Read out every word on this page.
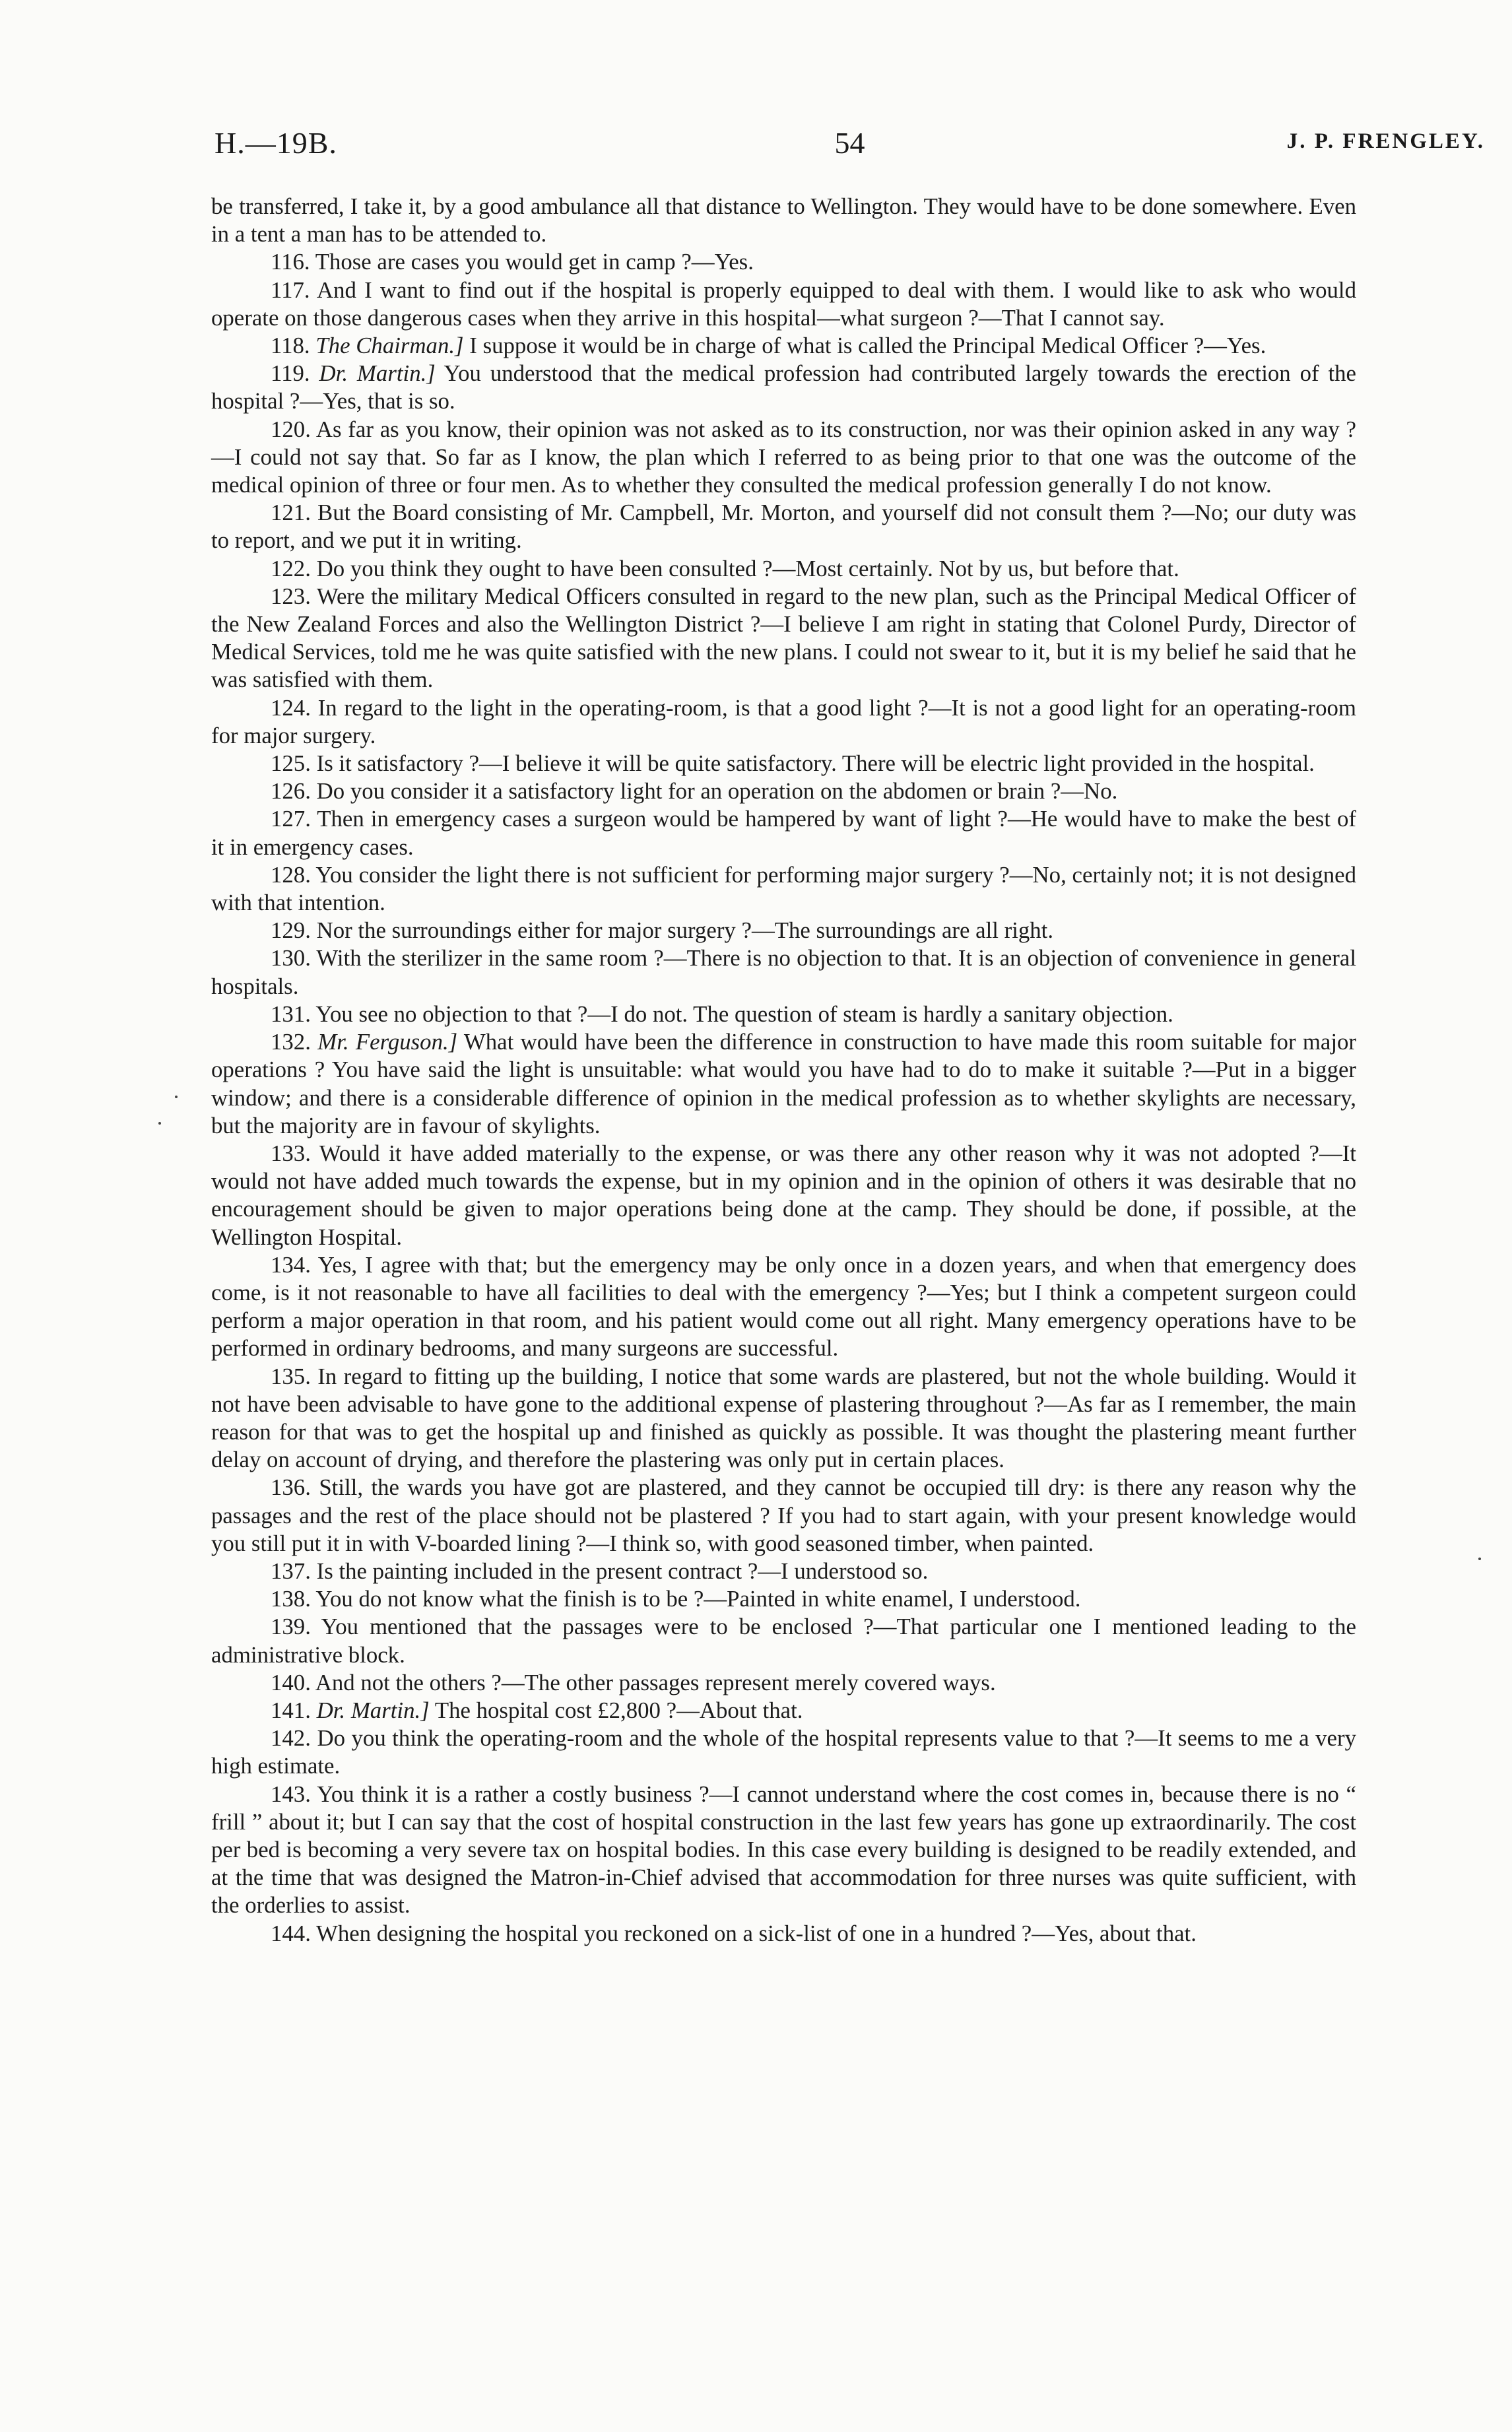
H.—19B.	54	J. P. FRENGLEY.

be transferred, I take it, by a good ambulance all that distance to Wellington. They would have to be done somewhere. Even in a tent a man has to be attended to.

116. Those are cases you would get in camp ?—Yes.

117. And I want to find out if the hospital is properly equipped to deal with them. I would like to ask who would operate on those dangerous cases when they arrive in this hospital—what surgeon ?—That I cannot say.

118. The Chairman.] I suppose it would be in charge of what is called the Principal Medical Officer ?—Yes.

119. Dr. Martin.] You understood that the medical profession had contributed largely towards the erection of the hospital ?—Yes, that is so.

120. As far as you know, their opinion was not asked as to its construction, nor was their opinion asked in any way ?—I could not say that. So far as I know, the plan which I referred to as being prior to that one was the outcome of the medical opinion of three or four men. As to whether they consulted the medical profession generally I do not know.

121. But the Board consisting of Mr. Campbell, Mr. Morton, and yourself did not consult them ?—No; our duty was to report, and we put it in writing.

122. Do you think they ought to have been consulted ?—Most certainly. Not by us, but before that.

123. Were the military Medical Officers consulted in regard to the new plan, such as the Principal Medical Officer of the New Zealand Forces and also the Wellington District ?—I believe I am right in stating that Colonel Purdy, Director of Medical Services, told me he was quite satisfied with the new plans. I could not swear to it, but it is my belief he said that he was satisfied with them.

124. In regard to the light in the operating-room, is that a good light ?—It is not a good light for an operating-room for major surgery.

125. Is it satisfactory ?—I believe it will be quite satisfactory. There will be electric light provided in the hospital.

126. Do you consider it a satisfactory light for an operation on the abdomen or brain ?—No.

127. Then in emergency cases a surgeon would be hampered by want of light ?—He would have to make the best of it in emergency cases.

128. You consider the light there is not sufficient for performing major surgery ?—No, certainly not; it is not designed with that intention.

129. Nor the surroundings either for major surgery ?—The surroundings are all right.

130. With the sterilizer in the same room ?—There is no objection to that. It is an objection of convenience in general hospitals.

131. You see no objection to that ?—I do not. The question of steam is hardly a sanitary objection.

132. Mr. Ferguson.] What would have been the difference in construction to have made this room suitable for major operations ? You have said the light is unsuitable: what would you have had to do to make it suitable ?—Put in a bigger window; and there is a considerable difference of opinion in the medical profession as to whether skylights are necessary, but the majority are in favour of skylights.

133. Would it have added materially to the expense, or was there any other reason why it was not adopted ?—It would not have added much towards the expense, but in my opinion and in the opinion of others it was desirable that no encouragement should be given to major operations being done at the camp. They should be done, if possible, at the Wellington Hospital.

134. Yes, I agree with that; but the emergency may be only once in a dozen years, and when that emergency does come, is it not reasonable to have all facilities to deal with the emergency ?—Yes; but I think a competent surgeon could perform a major operation in that room, and his patient would come out all right. Many emergency operations have to be performed in ordinary bedrooms, and many surgeons are successful.

135. In regard to fitting up the building, I notice that some wards are plastered, but not the whole building. Would it not have been advisable to have gone to the additional expense of plastering throughout ?—As far as I remember, the main reason for that was to get the hospital up and finished as quickly as possible. It was thought the plastering meant further delay on account of drying, and therefore the plastering was only put in certain places.

136. Still, the wards you have got are plastered, and they cannot be occupied till dry: is there any reason why the passages and the rest of the place should not be plastered ? If you had to start again, with your present knowledge would you still put it in with V-boarded lining ?—I think so, with good seasoned timber, when painted.

137. Is the painting included in the present contract ?—I understood so.

138. You do not know what the finish is to be ?—Painted in white enamel, I understood.

139. You mentioned that the passages were to be enclosed ?—That particular one I mentioned leading to the administrative block.

140. And not the others ?—The other passages represent merely covered ways.

141. Dr. Martin.] The hospital cost £2,800 ?—About that.

142. Do you think the operating-room and the whole of the hospital represents value to that ?—It seems to me a very high estimate.

143. You think it is a rather a costly business ?—I cannot understand where the cost comes in, because there is no “ frill ” about it; but I can say that the cost of hospital construction in the last few years has gone up extraordinarily. The cost per bed is becoming a very severe tax on hospital bodies. In this case every building is designed to be readily extended, and at the time that was designed the Matron-in-Chief advised that accommodation for three nurses was quite sufficient, with the orderlies to assist.

144. When designing the hospital you reckoned on a sick-list of one in a hundred ?—Yes, about that.
